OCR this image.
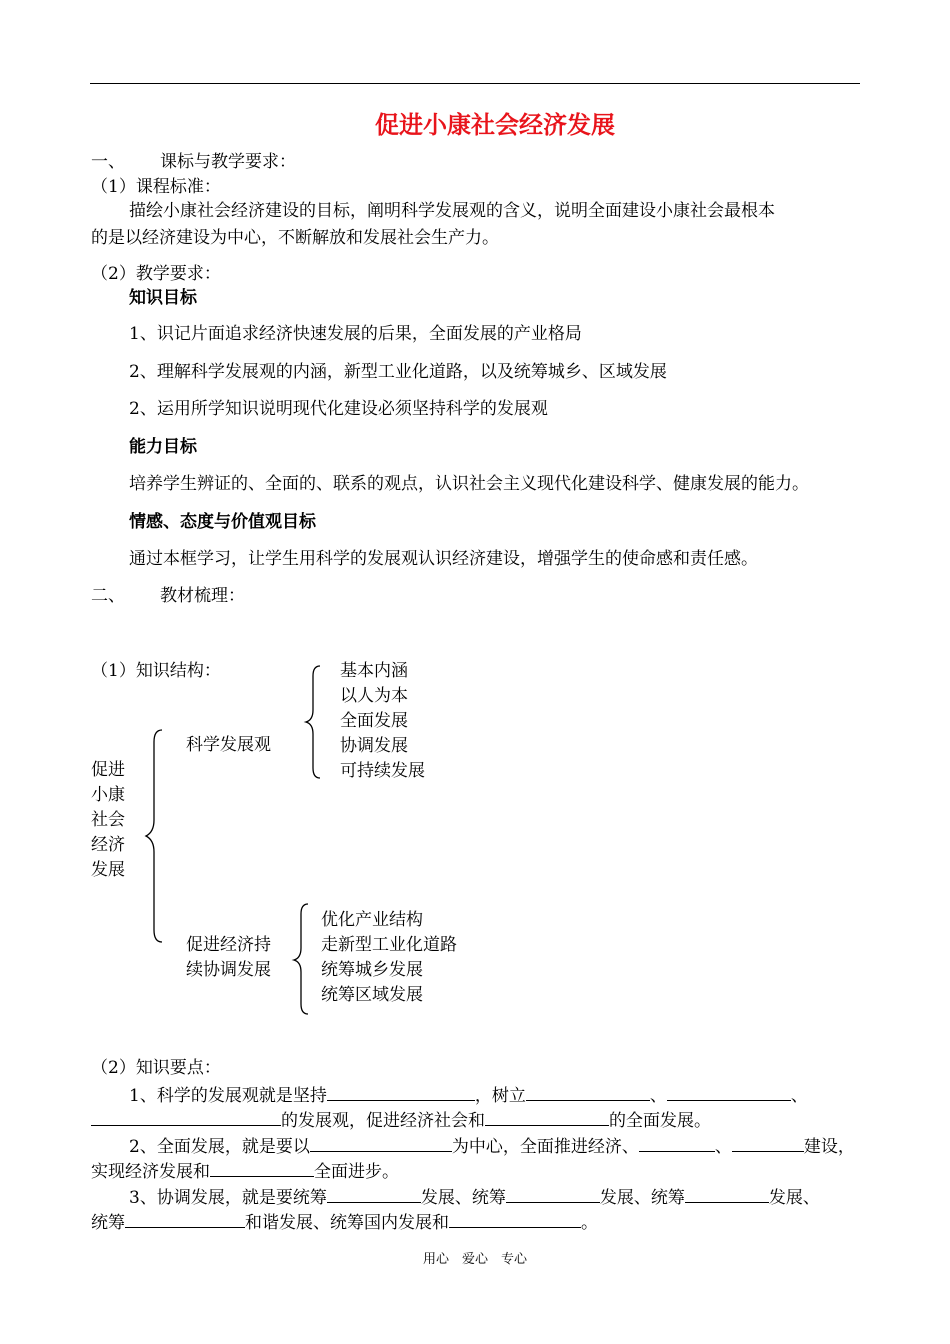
促进小康社会经济发展
一、 课标与教学要求：
（1）课程标准：
描绘小康社会经济建设的目标，阐明科学发展观的含义，说明全面建设小康社会最根本
的是以经济建设为中心，不断解放和发展社会生产力。
（2）教学要求：
知识目标
1、识记片面追求经济快速发展的后果，全面发展的产业格局
2、理解科学发展观的内涵，新型工业化道路，以及统筹城乡、区域发展
2、运用所学知识说明现代化建设必须坚持科学的发展观
能力目标
培养学生辨证的、全面的、联系的观点，认识社会主义现代化建设科学、健康发展的能力。
情感、态度与价值观目标
通过本框学习，让学生用科学的发展观认识经济建设，增强学生的使命感和责任感。
二、 教材梳理：
（1）知识结构：
促进
小康
社会
经济
发展
科学发展观
基本内涵
以人为本
全面发展
协调发展
可持续发展
促进经济持
续协调发展
优化产业结构
走新型工业化道路
统筹城乡发展
统筹区域发展
（2）知识要点：
1、科学的发展观就是坚持	，树立	、	、
的发展观，促进经济社会和	的全面发展。
2、全面发展，就是要以	为中心，全面推进经济、	、	建设，
实现经济发展和	全面进步。
3、协调发展，就是要统筹	发展、统筹	发展、统筹	发展、
统筹	和谐发展、统筹国内发展和	。
用心　爱心　专心
